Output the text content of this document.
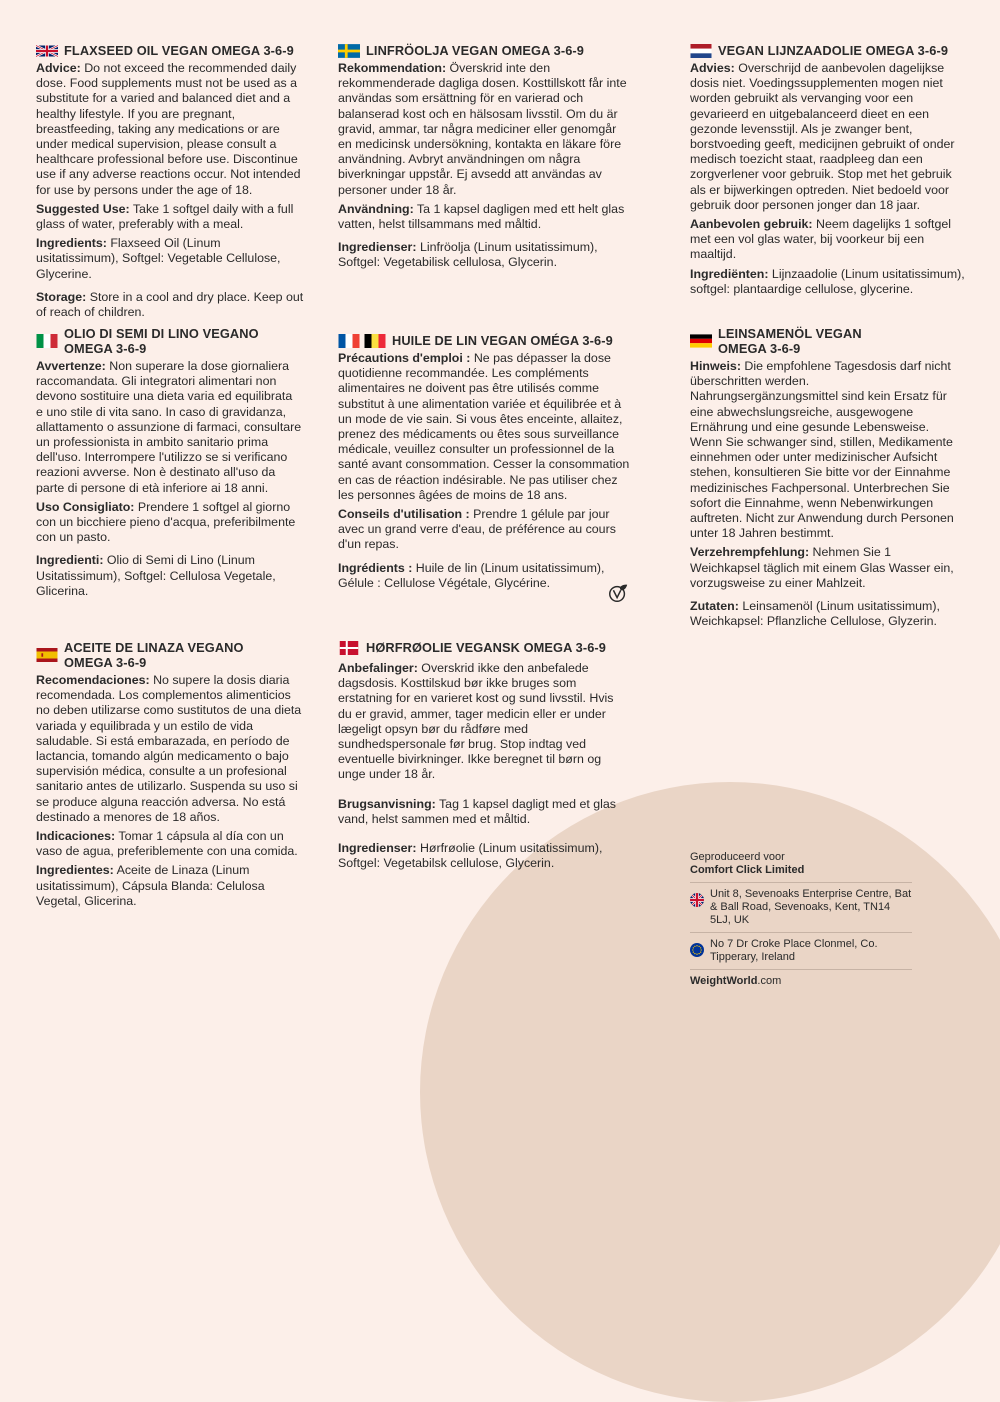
FLAXSEED OIL VEGAN OMEGA 3-6-9

Advice: Do not exceed the recommended daily dose. Food supplements must not be used as a substitute for a varied and balanced diet and a healthy lifestyle. If you are pregnant, breastfeeding, taking any medications or are under medical supervision, please consult a healthcare professional before use. Discontinue use if any adverse reactions occur. Not intended for use by persons under the age of 18.

Suggested Use: Take 1 softgel daily with a full glass of water, preferably with a meal.

Ingredients: Flaxseed Oil (Linum usitatissimum), Softgel: Vegetable Cellulose, Glycerine.

Storage: Store in a cool and dry place. Keep out of reach of children.

LINFRÖOLJA VEGAN OMEGA 3-6-9

Rekommendation: Överskrid inte den rekommenderade dagliga dosen. Kosttillskott får inte användas som ersättning för en varierad och balanserad kost och en hälsosam livsstil. Om du är gravid, ammar, tar några mediciner eller genomgår en medicinsk undersökning, kontakta en läkare före användning. Avbryt användningen om några biverkningar uppstår. Ej avsedd att användas av personer under 18 år.

Användning: Ta 1 kapsel dagligen med ett helt glas vatten, helst tillsammans med måltid.

Ingredienser: Linfröolja (Linum usitatissimum), Softgel: Vegetabilisk cellulosa, Glycerin.

VEGAN LIJNZAADOLIE OMEGA 3-6-9

Advies: Overschrijd de aanbevolen dagelijkse dosis niet. Voedingssupplementen mogen niet worden gebruikt als vervanging voor een gevarieerd en uitgebalanceerd dieet en een gezonde levensstijl. Als je zwanger bent, borstvoeding geeft, medicijnen gebruikt of onder medisch toezicht staat, raadpleeg dan een zorgverlener voor gebruik. Stop met het gebruik als er bijwerkingen optreden. Niet bedoeld voor gebruik door personen jonger dan 18 jaar.

Aanbevolen gebruik: Neem dagelijks 1 softgel met een vol glas water, bij voorkeur bij een maaltijd.

Ingrediënten: Lijnzaadolie (Linum usitatissimum), softgel: plantaardige cellulose, glycerine.

OLIO DI SEMI DI LINO VEGANO OMEGA 3-6-9

Avvertenze: Non superare la dose giornaliera raccomandata. Gli integratori alimentari non devono sostituire una dieta varia ed equilibrata e uno stile di vita sano. In caso di gravidanza, allattamento o assunzione di farmaci, consultare un professionista in ambito sanitario prima dell'uso. Interrompere l'utilizzo se si verificano reazioni avverse. Non è destinato all'uso da parte di persone di età inferiore ai 18 anni.

Uso Consigliato: Prendere 1 softgel al giorno con un bicchiere pieno d'acqua, preferibilmente con un pasto.

Ingredienti: Olio di Semi di Lino (Linum Usitatissimum), Softgel: Cellulosa Vegetale, Glicerina.

HUILE DE LIN VEGAN OMÉGA 3-6-9

Précautions d'emploi : Ne pas dépasser la dose quotidienne recommandée. Les compléments alimentaires ne doivent pas être utilisés comme substitut à une alimentation variée et équilibrée et à un mode de vie sain. Si vous êtes enceinte, allaitez, prenez des médicaments ou êtes sous surveillance médicale, veuillez consulter un professionnel de la santé avant consommation. Cesser la consommation en cas de réaction indésirable. Ne pas utiliser chez les personnes âgées de moins de 18 ans.

Conseils d'utilisation : Prendre 1 gélule par jour avec un grand verre d'eau, de préférence au cours d'un repas.

Ingrédients : Huile de lin (Linum usitatissimum), Gélule : Cellulose Végétale, Glycérine.

LEINSAMENÖL VEGAN OMEGA 3-6-9

Hinweis: Die empfohlene Tagesdosis darf nicht überschritten werden. Nahrungsergänzungsmittel sind kein Ersatz für eine abwechslungsreiche, ausgewogene Ernährung und eine gesunde Lebensweise. Wenn Sie schwanger sind, stillen, Medikamente einnehmen oder unter medizinischer Aufsicht stehen, konsultieren Sie bitte vor der Einnahme medizinisches Fachpersonal. Unterbrechen Sie sofort die Einnahme, wenn Nebenwirkungen auftreten. Nicht zur Anwendung durch Personen unter 18 Jahren bestimmt.

Verzehrempfehlung: Nehmen Sie 1 Weichkapsel täglich mit einem Glas Wasser ein, vorzugsweise zu einer Mahlzeit.

Zutaten: Leinsamenöl (Linum usitatissimum), Weichkapsel: Pflanzliche Cellulose, Glyzerin.

ACEITE DE LINAZA VEGANO OMEGA 3-6-9

Recomendaciones: No supere la dosis diaria recomendada. Los complementos alimenticios no deben utilizarse como sustitutos de una dieta variada y equilibrada y un estilo de vida saludable. Si está embarazada, en período de lactancia, tomando algún medicamento o bajo supervisión médica, consulte a un profesional sanitario antes de utilizarlo. Suspenda su uso si se produce alguna reacción adversa. No está destinado a menores de 18 años.

Indicaciones: Tomar 1 cápsula al día con un vaso de agua, preferiblemente con una comida.

Ingredientes: Aceite de Linaza (Linum usitatissimum), Cápsula Blanda: Celulosa Vegetal, Glicerina.

HØRFRØOLIE VEGANSK OMEGA 3-6-9

Anbefalinger: Overskrid ikke den anbefalede dagsdosis. Kosttilskud bør ikke bruges som erstatning for en varieret kost og sund livsstil. Hvis du er gravid, ammer, tager medicin eller er under lægeligt opsyn bør du rådføre med sundhedspersonale før brug. Stop indtag ved eventuelle bivirkninger. Ikke beregnet til børn og unge under 18 år.

Brugsanvisning: Tag 1 kapsel dagligt med et glas vand, helst sammen med et måltid.

Ingredienser: Hørfrøolie (Linum usitatissimum), Softgel: Vegetabilsk cellulose, Glycerin.	Geproduceerd voor
Comfort Click Limited
Unit 8, Sevenoaks Enterprise Centre, Bat & Ball Road, Sevenoaks, Kent, TN14 5LJ, UK
No 7 Dr Croke Place Clonmel, Co. Tipperary, Ireland
WeightWorld.com
